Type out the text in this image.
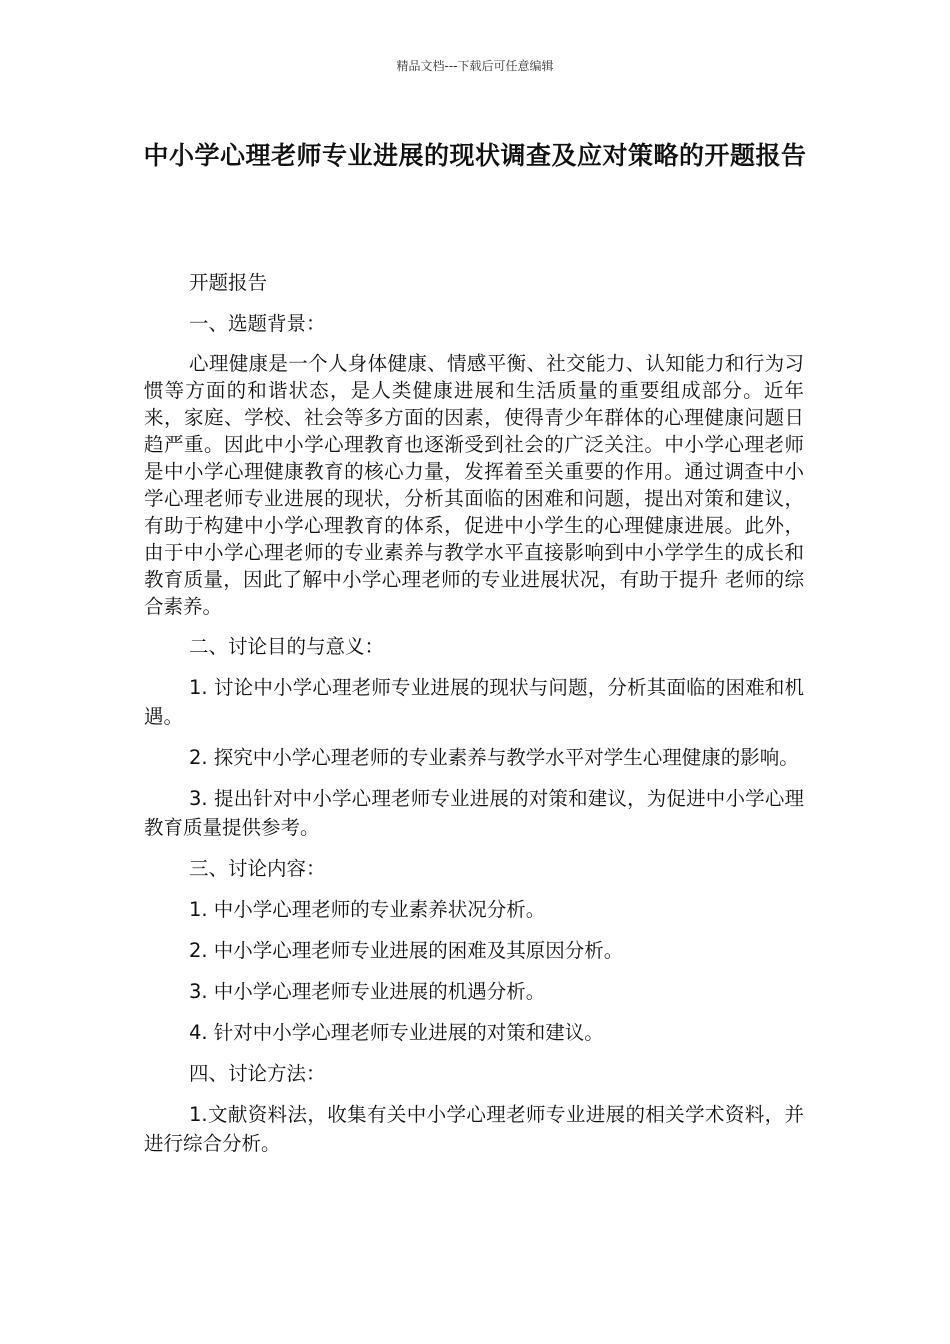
精品文档---下载后可任意编辑
中小学心理老师专业进展的现状调查及应对策略的开题报告

开题报告

一、选题背景：

心理健康是一个人身体健康、情感平衡、社交能力、认知能力和行为习惯等方面的和谐状态，是人类健康进展和生活质量的重要组成部分。近年来，家庭、学校、社会等多方面的因素，使得青少年群体的心理健康问题日趋严重。因此中小学心理教育也逐渐受到社会的广泛关注。中小学心理老师是中小学心理健康教育的核心力量，发挥着至关重要的作用。通过调查中小学心理老师专业进展的现状，分析其面临的困难和问题，提出对策和建议，有助于构建中小学心理教育的体系，促进中小学生的心理健康进展。此外，由于中小学心理老师的专业素养与教学水平直接影响到中小学学生的成长和教育质量，因此了解中小学心理老师的专业进展状况，有助于提升 老师的综合素养。

二、讨论目的与意义：

1. 讨论中小学心理老师专业进展的现状与问题，分析其面临的困难和机遇。

2. 探究中小学心理老师的专业素养与教学水平对学生心理健康的影响。

3. 提出针对中小学心理老师专业进展的对策和建议，为促进中小学心理教育质量提供参考。

三、讨论内容：

1. 中小学心理老师的专业素养状况分析。

2. 中小学心理老师专业进展的困难及其原因分析。

3. 中小学心理老师专业进展的机遇分析。

4. 针对中小学心理老师专业进展的对策和建议。

四、讨论方法：

1.文献资料法，收集有关中小学心理老师专业进展的相关学术资料，并进行综合分析。
